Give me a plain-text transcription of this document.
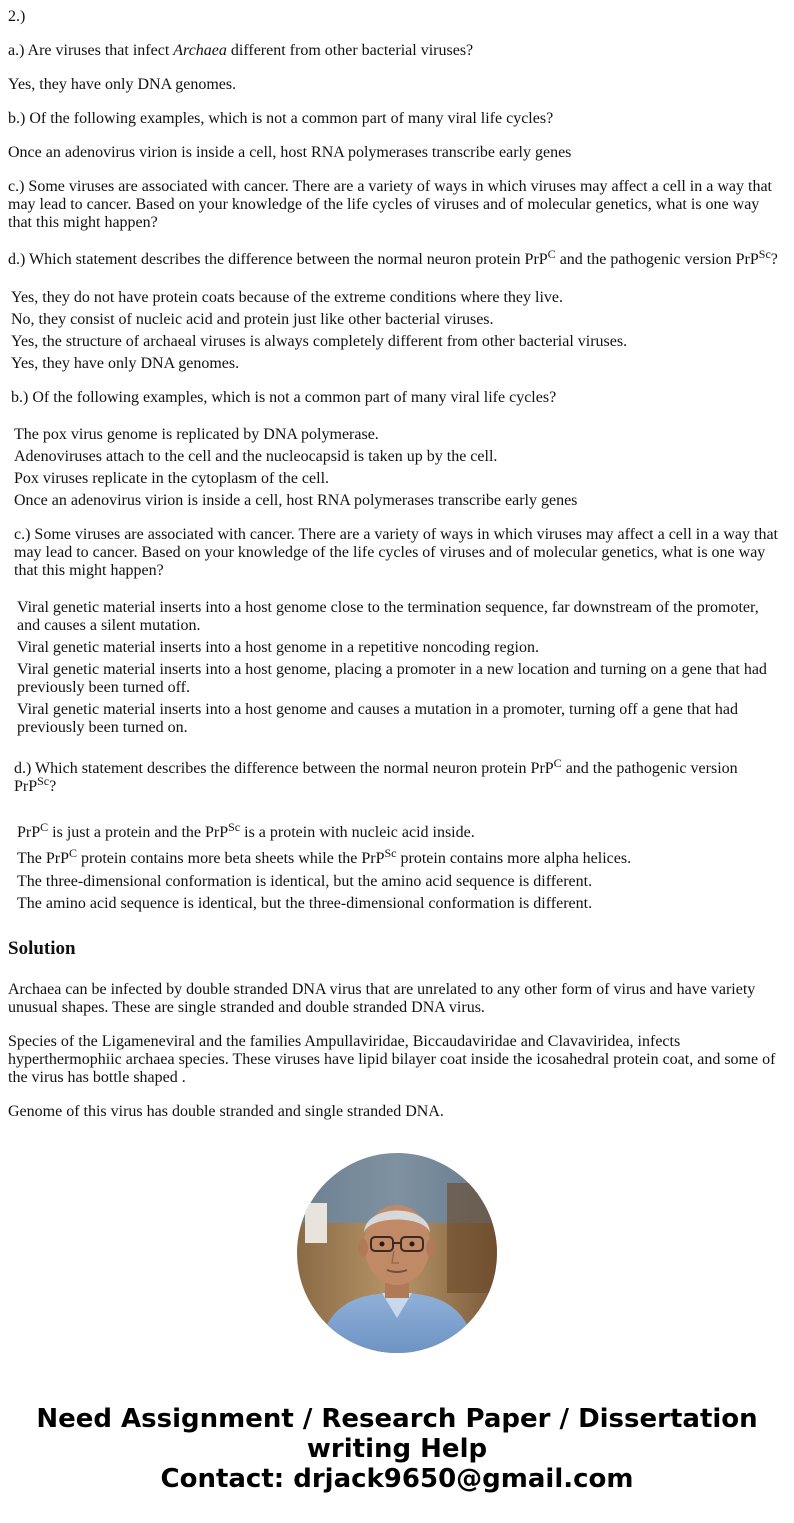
2.)

a.) Are viruses that infect Archaea different from other bacterial viruses?

Yes, they have only DNA genomes.

b.) Of the following examples, which is not a common part of many viral life cycles?

Once an adenovirus virion is inside a cell, host RNA polymerases transcribe early genes

c.) Some viruses are associated with cancer. There are a variety of ways in which viruses may affect a cell in a way that may lead to cancer. Based on your knowledge of the life cycles of viruses and of molecular genetics, what is one way that this might happen?

d.) Which statement describes the difference between the normal neuron protein PrP$^C$ and the pathogenic version PrP$^{Sc}$?

Yes, they do not have protein coats because of the extreme conditions where they live.

No, they consist of nucleic acid and protein just like other bacterial viruses.

Yes, the structure of archaeal viruses is always completely different from other bacterial viruses.

Yes, they have only DNA genomes.

b.) Of the following examples, which is not a common part of many viral life cycles?

The pox virus genome is replicated by DNA polymerase.

Adenoviruses attach to the cell and the nucleocapsid is taken up by the cell.

Pox viruses replicate in the cytoplasm of the cell.

Once an adenovirus virion is inside a cell, host RNA polymerases transcribe early genes

c.) Some viruses are associated with cancer. There are a variety of ways in which viruses may affect a cell in a way that may lead to cancer. Based on your knowledge of the life cycles of viruses and of molecular genetics, what is one way that this might happen?

Viral genetic material inserts into a host genome close to the termination sequence, far downstream of the promoter, and causes a silent mutation.

Viral genetic material inserts into a host genome in a repetitive noncoding region.

Viral genetic material inserts into a host genome, placing a promoter in a new location and turning on a gene that had previously been turned off.

Viral genetic material inserts into a host genome and causes a mutation in a promoter, turning off a gene that had previously been turned on.

d.) Which statement describes the difference between the normal neuron protein PrP$^C$ and the pathogenic version PrP$^{Sc}$?

PrP$^C$ is just a protein and the PrP$^{Sc}$ is a protein with nucleic acid inside.

The PrP$^C$ protein contains more beta sheets while the PrP$^{Sc}$ protein contains more alpha helices.

The three-dimensional conformation is identical, but the amino acid sequence is different.

The amino acid sequence is identical, but the three-dimensional conformation is different.

Solution

Archaea can be infected by double stranded DNA virus that are unrelated to any other form of virus and have variety unusual shapes. These are single stranded and double stranded DNA virus.

Species of the Ligameneviral and the families Ampullaviridae, Biccaudaviridae and Clavaviridea, infects hyperthermophiic archaea species. These viruses have lipid bilayer coat inside the icosahedral protein coat, and some of the virus has bottle shaped .

Genome of this virus has double stranded and single stranded DNA.

Need Assignment / Research Paper / Dissertation
writing Help
Contact: drjack9650@gmail.com
